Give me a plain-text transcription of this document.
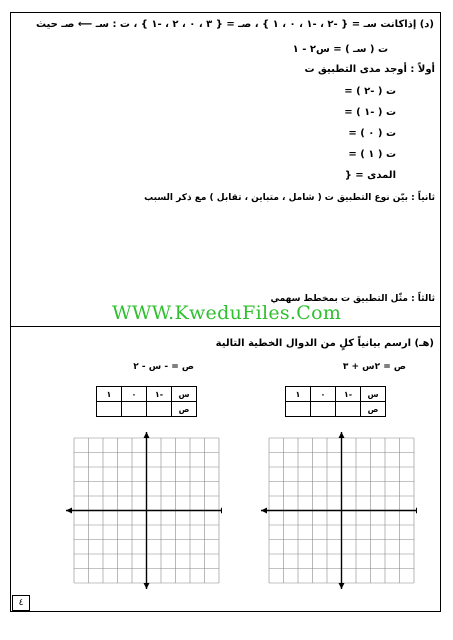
(د) إذاكانت سـ = { -٢ ، -١ ، ٠ ، ١ } ، صـ = { ٣ ، ٠ ، ٢ ، -١ } ، ت : سـ ⟵ صـ حيث
ت ( سـ ) = س٢ - ١
أولاً : أوجد مدى التطبيق ت
ت ( -٢ ) =
ت ( -١ ) =
ت ( ٠ ) =
ت ( ١ ) =
المدى = {
ثانياً : بيّن نوع التطبيق ت ( شامل ، متباين ، تقابل ) مع ذكر السبب
ثالثاً : مثّل التطبيق ت بمخطط سهمي
WWW.KweduFiles.Com
(هـ) ارسم بيانياً كلٍ من الدوال الخطية التالية
ص = ٢س + ٣
ص = - س - ٢
س	-١	٠	١
ص			
س	-١	٠	١
ص			
٤
